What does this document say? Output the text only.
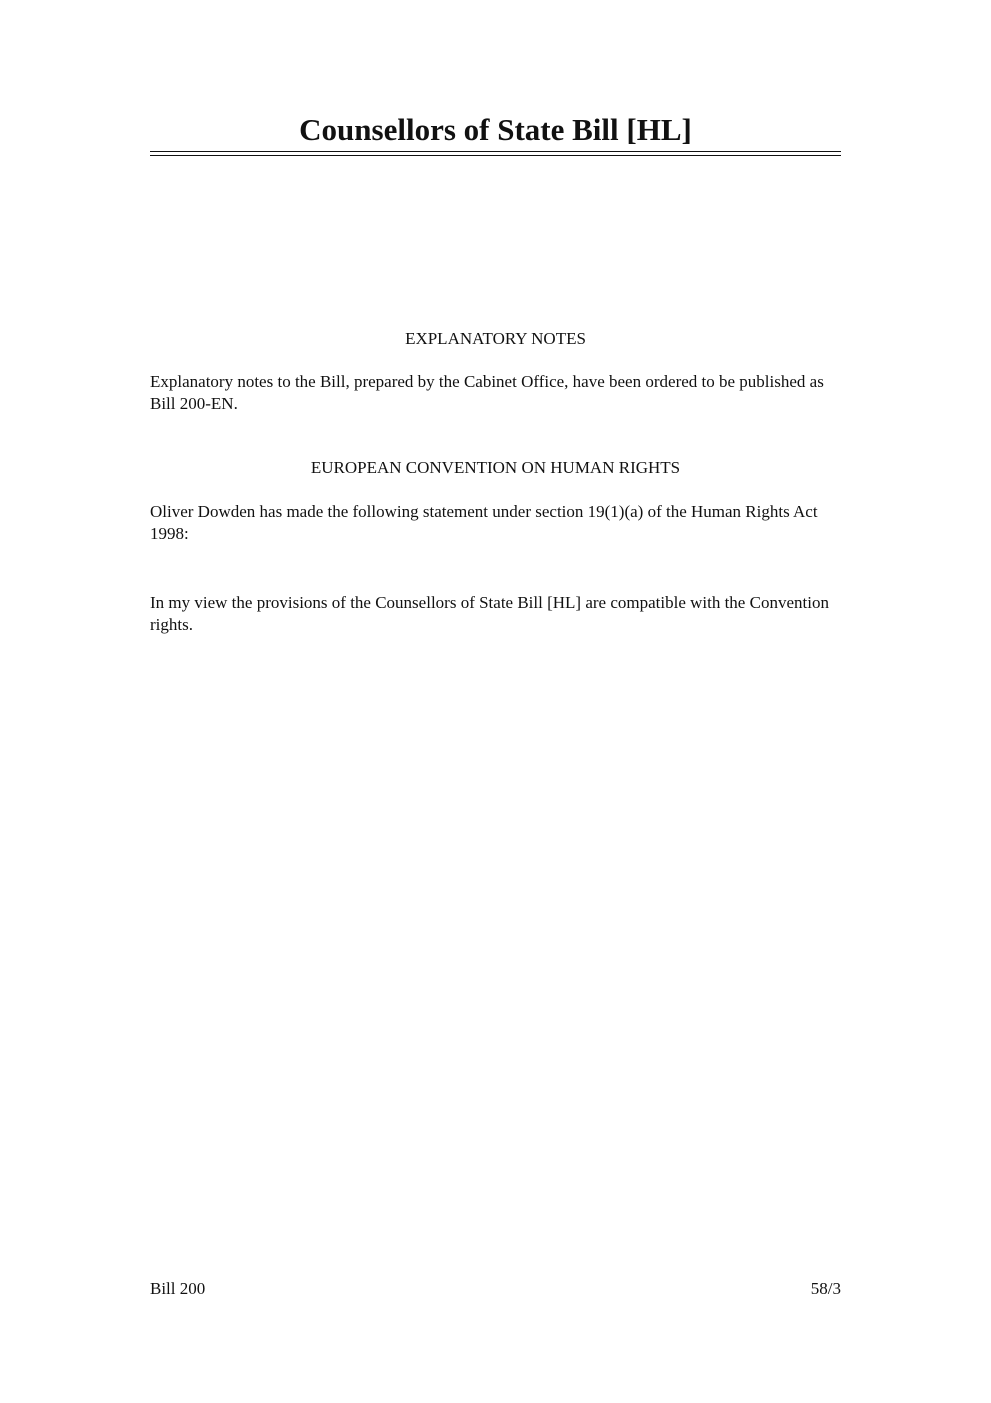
Counsellors of State Bill [HL]

EXPLANATORY NOTES

Explanatory notes to the Bill, prepared by the Cabinet Office, have been ordered to be published as Bill 200-EN.

EUROPEAN CONVENTION ON HUMAN RIGHTS

Oliver Dowden has made the following statement under section 19(1)(a) of the Human Rights Act 1998:

In my view the provisions of the Counsellors of State Bill [HL] are compatible with the Convention rights.

Bill 200	58/3
